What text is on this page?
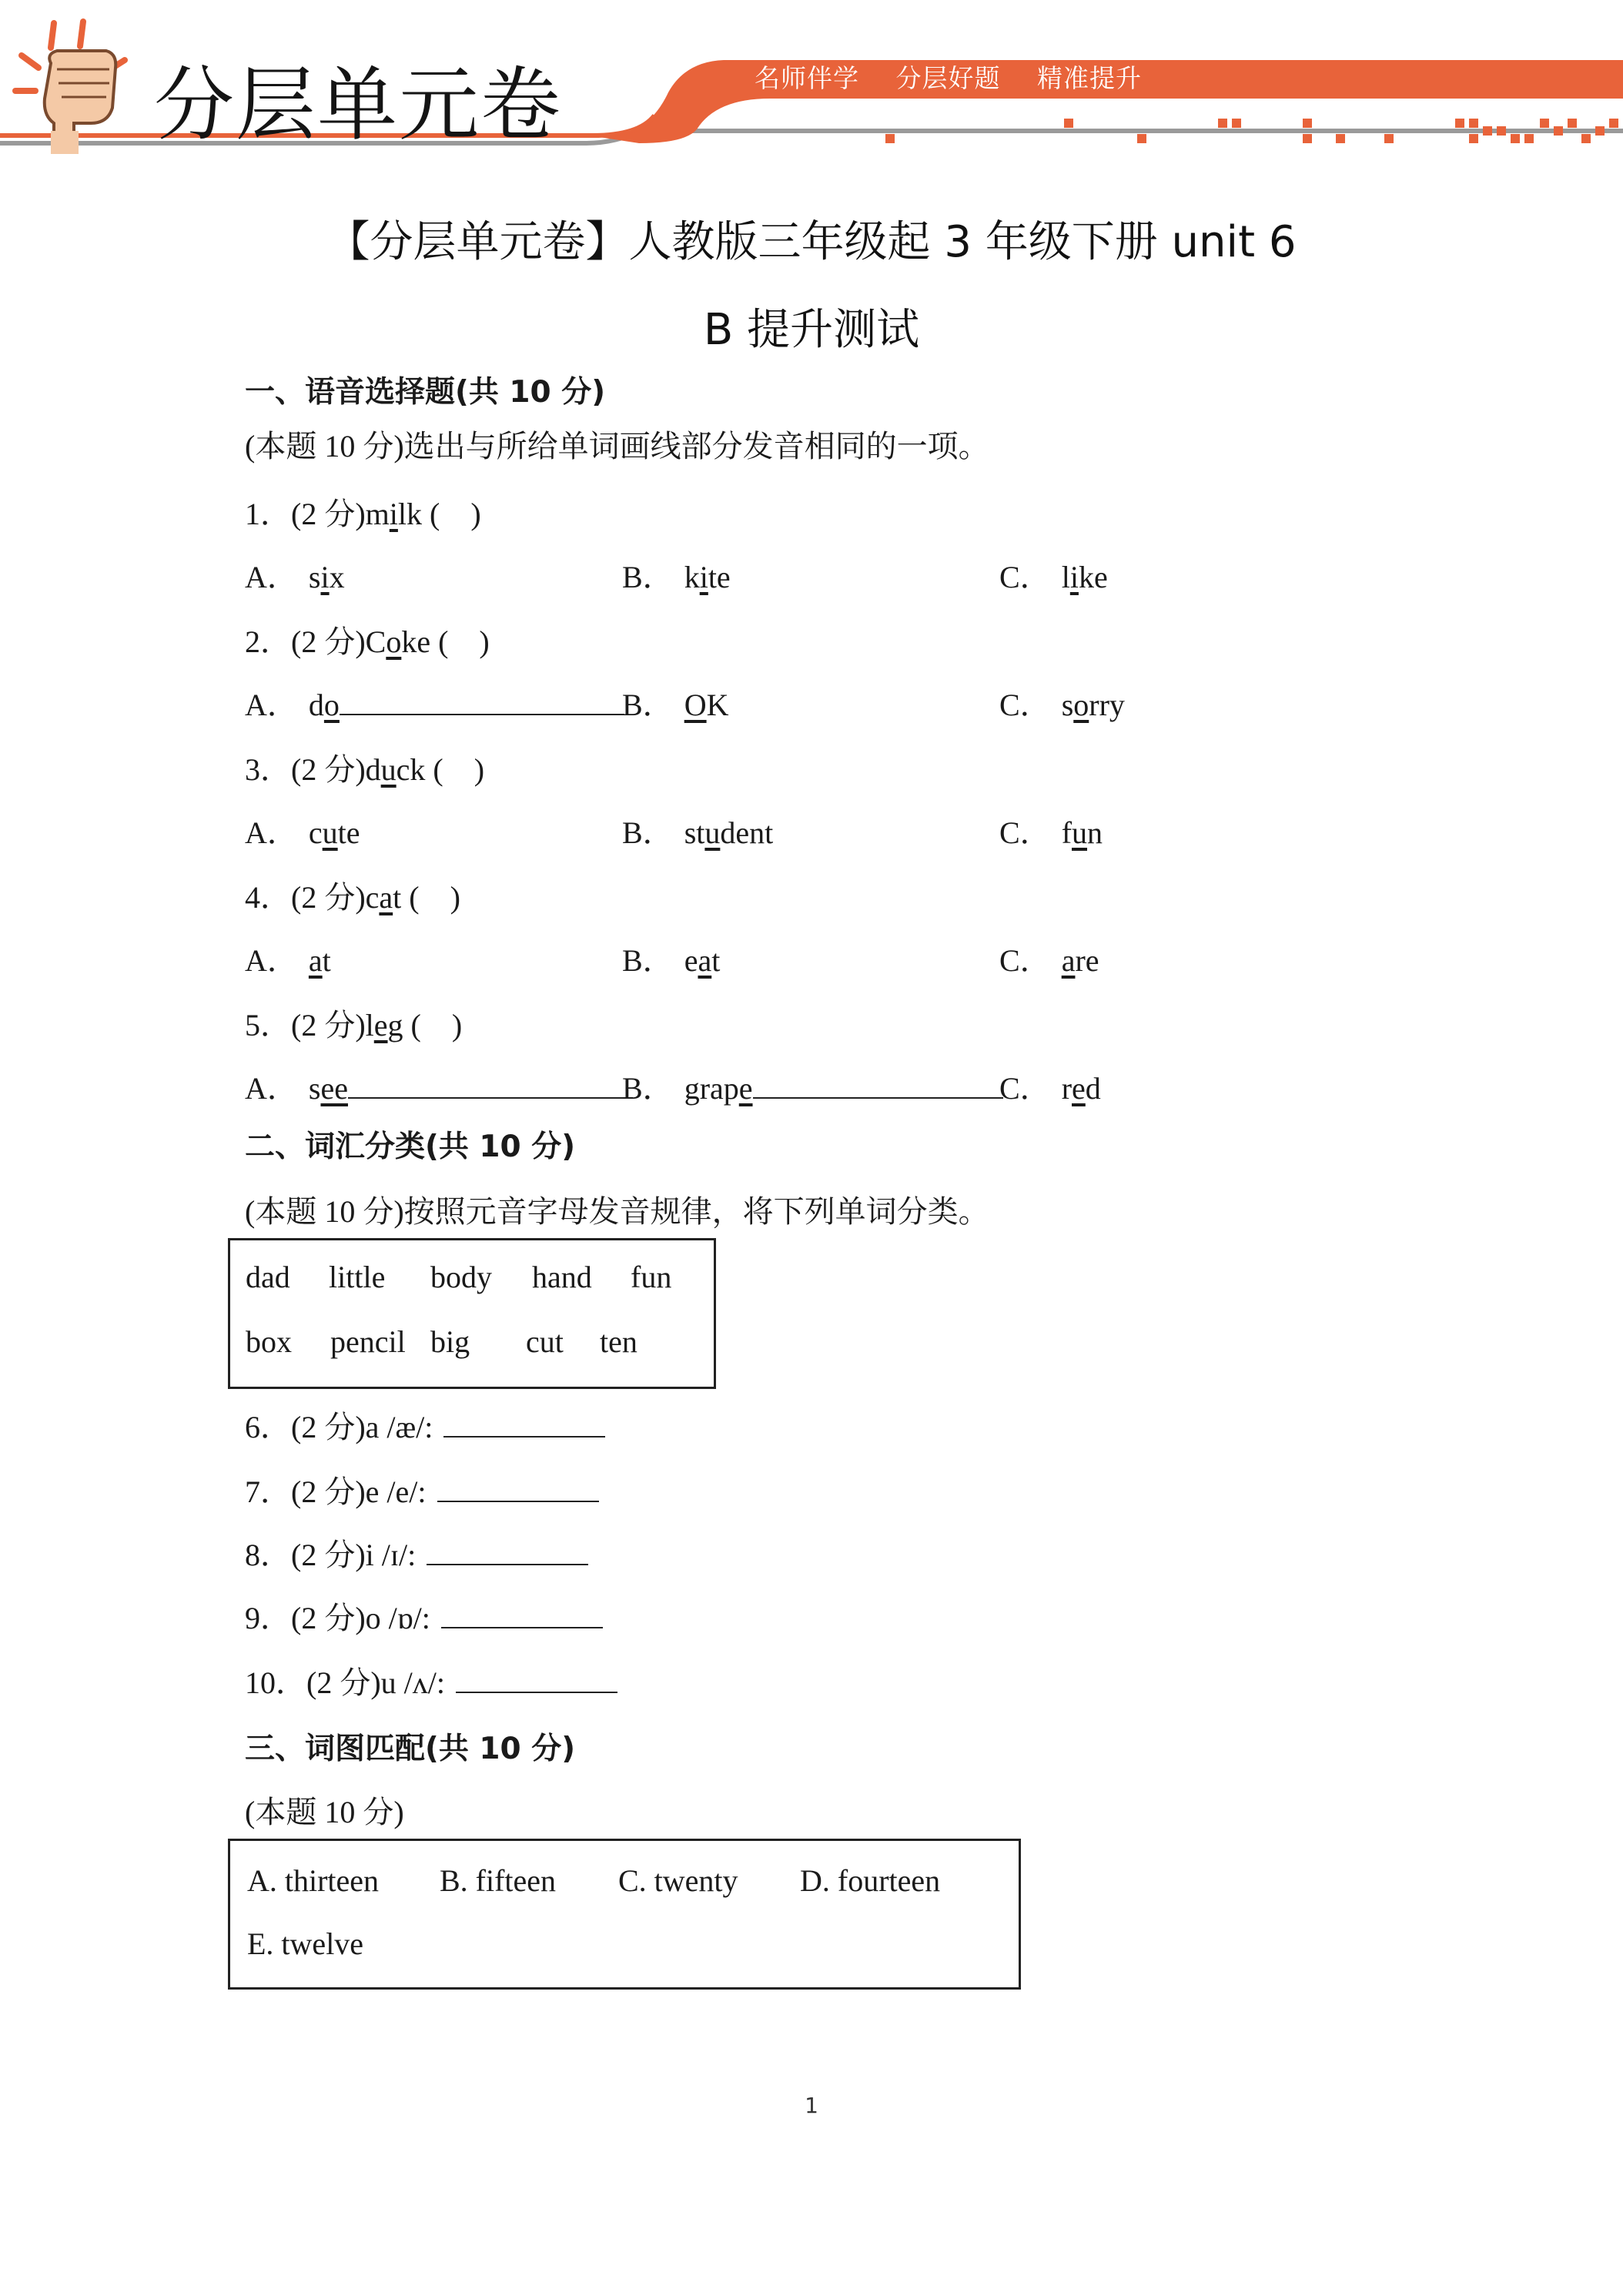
分层单元卷	名师伴学 分层好题 精准提升
【分层单元卷】人教版三年级起 3 年级下册 unit 6
B 提升测试
一、语音选择题(共 10 分)
(本题 10 分)选出与所给单词画线部分发音相同的一项。
1．(2 分)milk (　)
A． six	B． kite	C． like
2．(2 分)Coke (　)
A． do	B． OK	C． sorry
3．(2 分)duck (　)
A． cute	B． student	C． fun
4．(2 分)cat (　)
A． at	B． eat	C． are
5．(2 分)leg (　)
A． see	B． grape	C． red
二、词汇分类(共 10 分)
(本题 10 分)按照元音字母发音规律，将下列单词分类。
dad little body hand fun
box pencil big cut ten
6．(2 分)a /æ/:
7．(2 分)e /e/:
8．(2 分)i /ɪ/:
9．(2 分)o /ɒ/:
10．(2 分)u /ʌ/:
三、词图匹配(共 10 分)
(本题 10 分)
A. thirteen B. fifteen C. twenty D. fourteen
E. twelve
1
